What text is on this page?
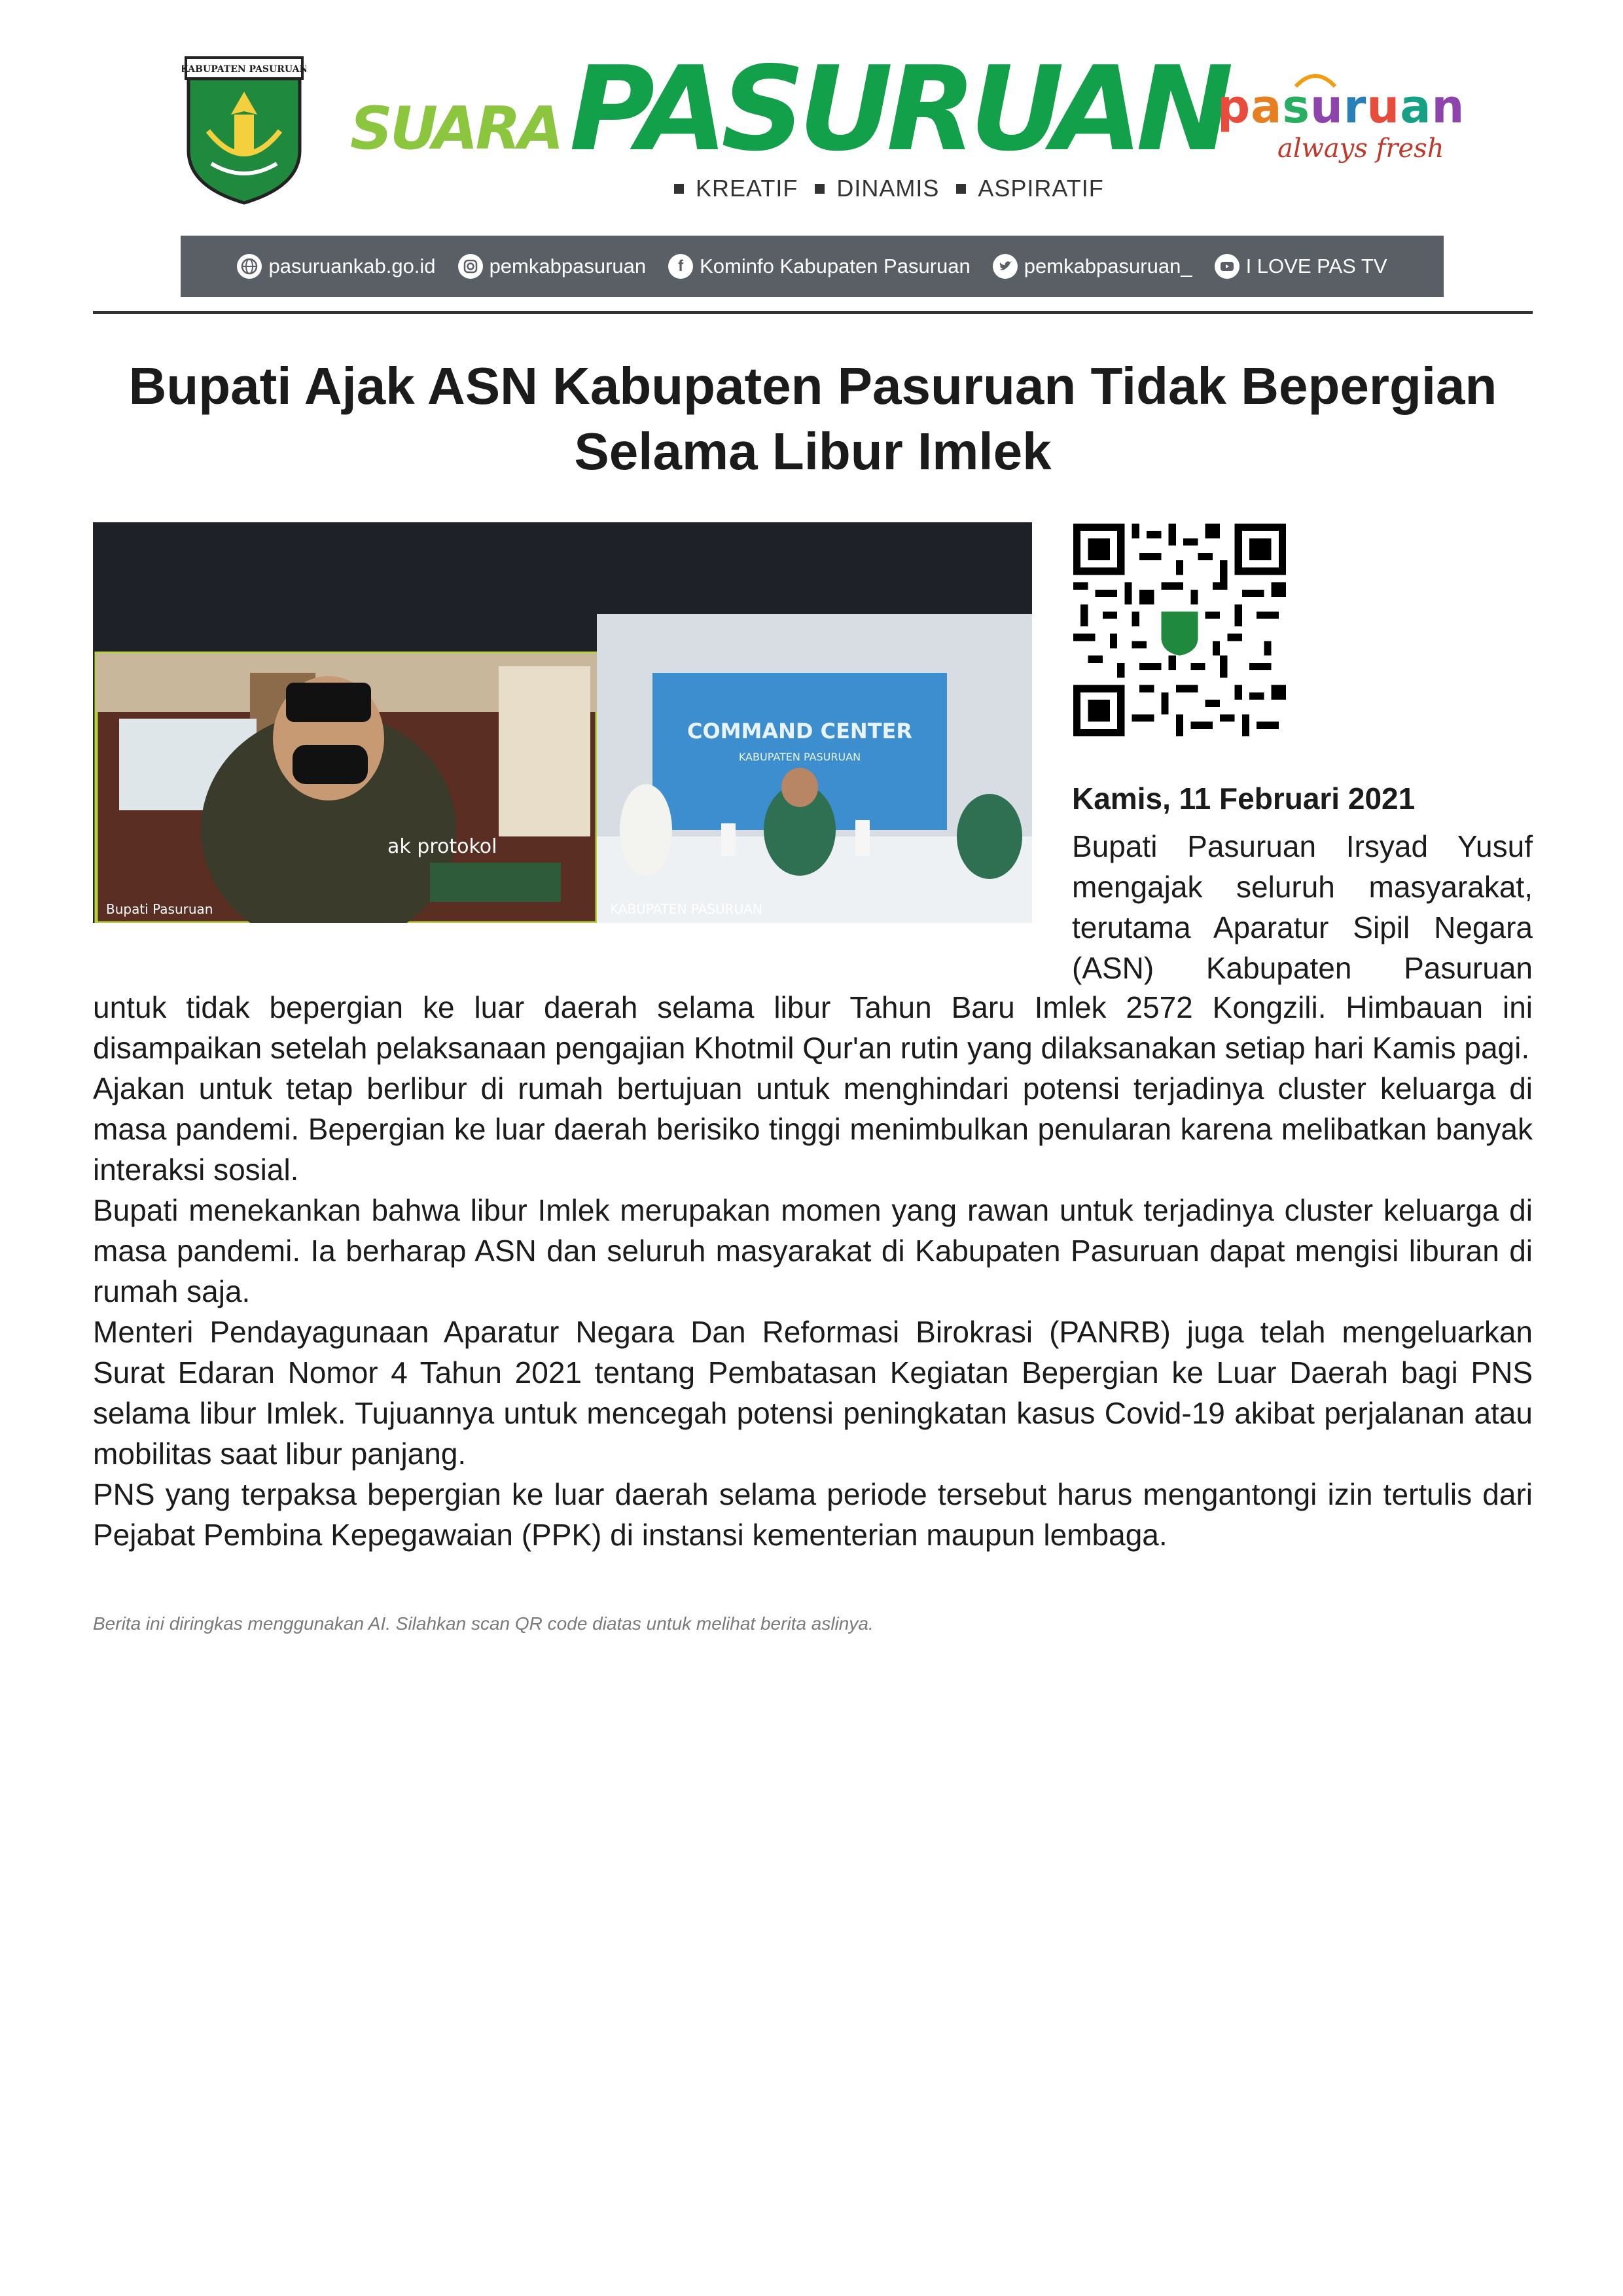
KABUPATEN PASURUAN
SUARA PASURUAN
KREATIF DINAMIS ASPIRATIF
pasuruan
always fresh
pasuruankab.go.id	pemkabpasuruan	f Kominfo Kabupaten Pasuruan	pemkabpasuruan_	I LOVE PAS TV
Bupati Ajak ASN Kabupaten Pasuruan Tidak Bepergian Selama Libur Imlek
ak protokol
Bupati Pasuruan
COMMAND CENTER
KABUPATEN PASURUAN
KABUPATEN PASURUAN
Kamis, 11 Februari 2021
Bupati Pasuruan Irsyad Yusuf
mengajak seluruh masyarakat,
terutama Aparatur Sipil Negara
(ASN) Kabupaten Pasuruan

untuk tidak bepergian ke luar daerah selama libur Tahun Baru Imlek 2572 Kongzili. Himbauan ini disampaikan setelah pelaksanaan pengajian Khotmil Qur'an rutin yang dilaksanakan setiap hari Kamis pagi.

Ajakan untuk tetap berlibur di rumah bertujuan untuk menghindari potensi terjadinya cluster keluarga di masa pandemi. Bepergian ke luar daerah berisiko tinggi menimbulkan penularan karena melibatkan banyak interaksi sosial.

Bupati menekankan bahwa libur Imlek merupakan momen yang rawan untuk terjadinya cluster keluarga di masa pandemi. Ia berharap ASN dan seluruh masyarakat di Kabupaten Pasuruan dapat mengisi liburan di rumah saja.

Menteri Pendayagunaan Aparatur Negara Dan Reformasi Birokrasi (PANRB) juga telah mengeluarkan Surat Edaran Nomor 4 Tahun 2021 tentang Pembatasan Kegiatan Bepergian ke Luar Daerah bagi PNS selama libur Imlek. Tujuannya untuk mencegah potensi peningkatan kasus Covid-19 akibat perjalanan atau mobilitas saat libur panjang.

PNS yang terpaksa bepergian ke luar daerah selama periode tersebut harus mengantongi izin tertulis dari Pejabat Pembina Kepegawaian (PPK) di instansi kementerian maupun lembaga.

Berita ini diringkas menggunakan AI. Silahkan scan QR code diatas untuk melihat berita aslinya.
